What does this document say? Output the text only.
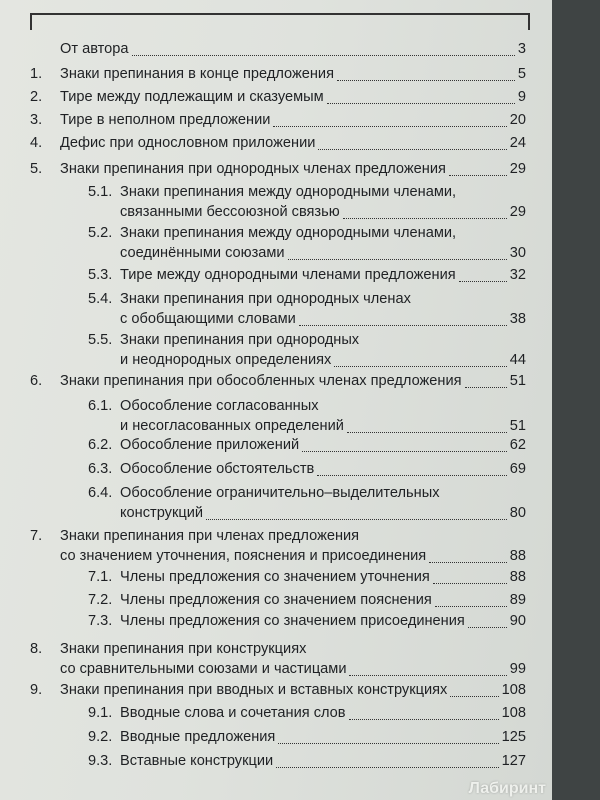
От автора	3
1. Знаки препинания в конце предложения	5
2. Тире между подлежащим и сказуемым	9
3. Тире в неполном предложении	20
4. Дефис при однословном приложении	24
5. Знаки препинания при однородных членах предложения	29
5.1. Знаки препинания между однородными членами,
связанными бессоюзной связью	29
5.2. Знаки препинания между однородными членами,
соединёнными союзами	30
5.3. Тире между однородными членами предложения	32
5.4. Знаки препинания при однородных членах
с обобщающими словами	38
5.5. Знаки препинания при однородных
и неоднородных определениях	44
6. Знаки препинания при обособленных членах предложения	51
6.1. Обособление согласованных
и несогласованных определений	51
6.2. Обособление приложений	62
6.3. Обособление обстоятельств	69
6.4. Обособление ограничительно–выделительных
конструкций	80
7. Знаки препинания при членах предложения
со значением уточнения, пояснения и присоединения	88
7.1. Члены предложения со значением уточнения	88
7.2. Члены предложения со значением пояснения	89
7.3. Члены предложения со значением присоединения	90
8. Знаки препинания при конструкциях
со сравнительными союзами и частицами	99
9. Знаки препинания при вводных и вставных конструкциях	108
9.1. Вводные слова и сочетания слов	108
9.2. Вводные предложения	125
9.3. Вставные конструкции	127
Лабиринт
